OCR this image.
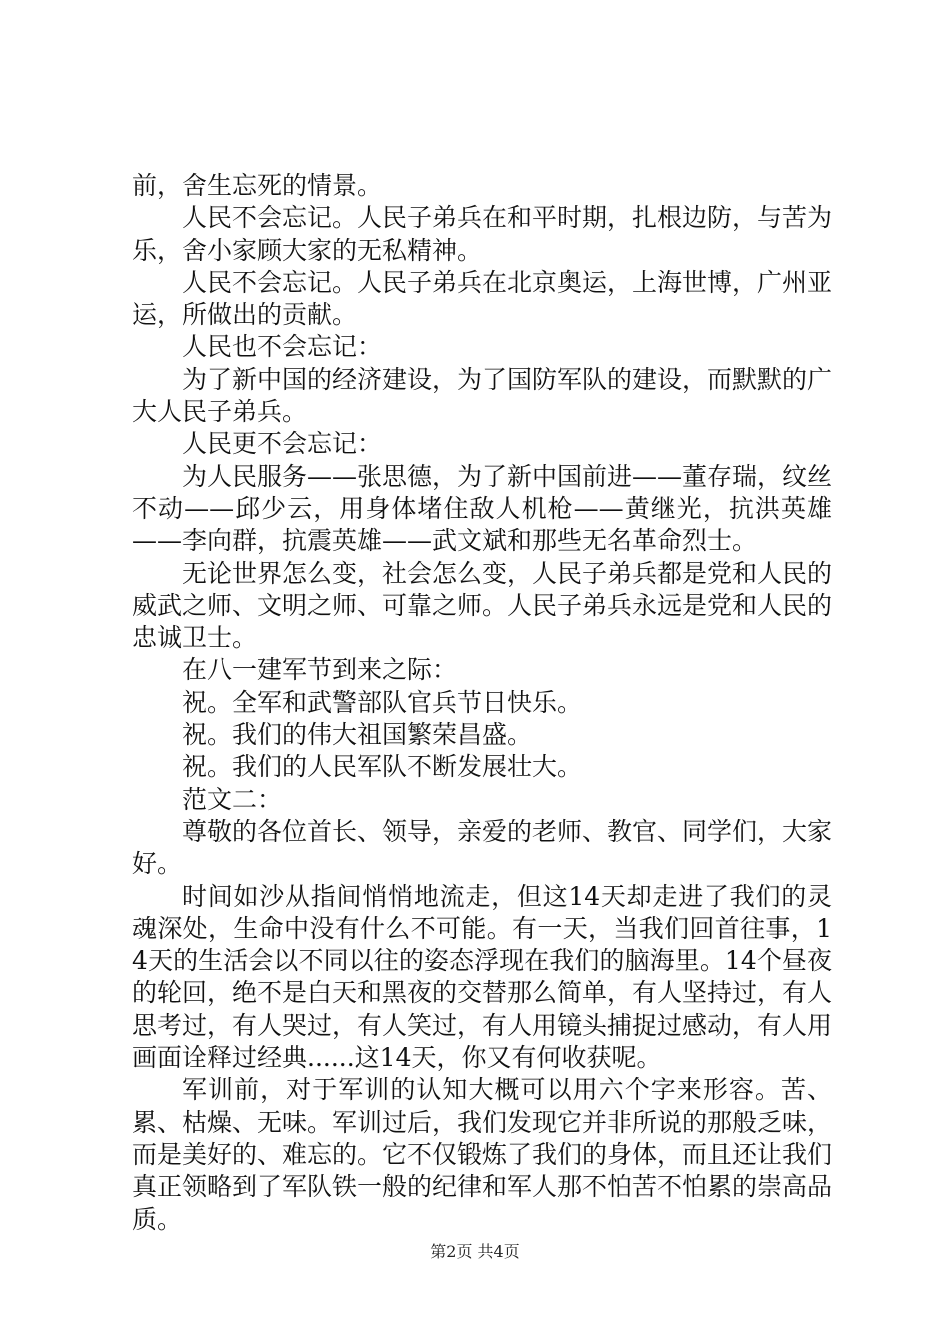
前，舍生忘死的情景。

人民不会忘记。人民子弟兵在和平时期，扎根边防，与苦为乐，舍小家顾大家的无私精神。

人民不会忘记。人民子弟兵在北京奥运，上海世博，广州亚运，所做出的贡献。

人民也不会忘记：

为了新中国的经济建设，为了国防军队的建设，而默默的广大人民子弟兵。

人民更不会忘记：

为人民服务——张思德，为了新中国前进——董存瑞，纹丝不动——邱少云，用身体堵住敌人机枪——黄继光，抗洪英雄——李向群，抗震英雄——武文斌和那些无名革命烈士。

无论世界怎么变，社会怎么变，人民子弟兵都是党和人民的威武之师、文明之师、可靠之师。人民子弟兵永远是党和人民的忠诚卫士。

在八一建军节到来之际：

祝。全军和武警部队官兵节日快乐。

祝。我们的伟大祖国繁荣昌盛。

祝。我们的人民军队不断发展壮大。

范文二：

尊敬的各位首长、领导，亲爱的老师、教官、同学们，大家好。

时间如沙从指间悄悄地流走，但这14天却走进了我们的灵魂深处，生命中没有什么不可能。有一天，当我们回首往事，14天的生活会以不同以往的姿态浮现在我们的脑海里。14个昼夜的轮回，绝不是白天和黑夜的交替那么简单，有人坚持过，有人思考过，有人哭过，有人笑过，有人用镜头捕捉过感动，有人用画面诠释过经典......这14天，你又有何收获呢。

军训前，对于军训的认知大概可以用六个字来形容。苦、累、枯燥、无味。军训过后，我们发现它并非所说的那般乏味，而是美好的、难忘的。它不仅锻炼了我们的身体，而且还让我们真正领略到了军队铁一般的纪律和军人那不怕苦不怕累的崇高品质。

第2页 共4页
